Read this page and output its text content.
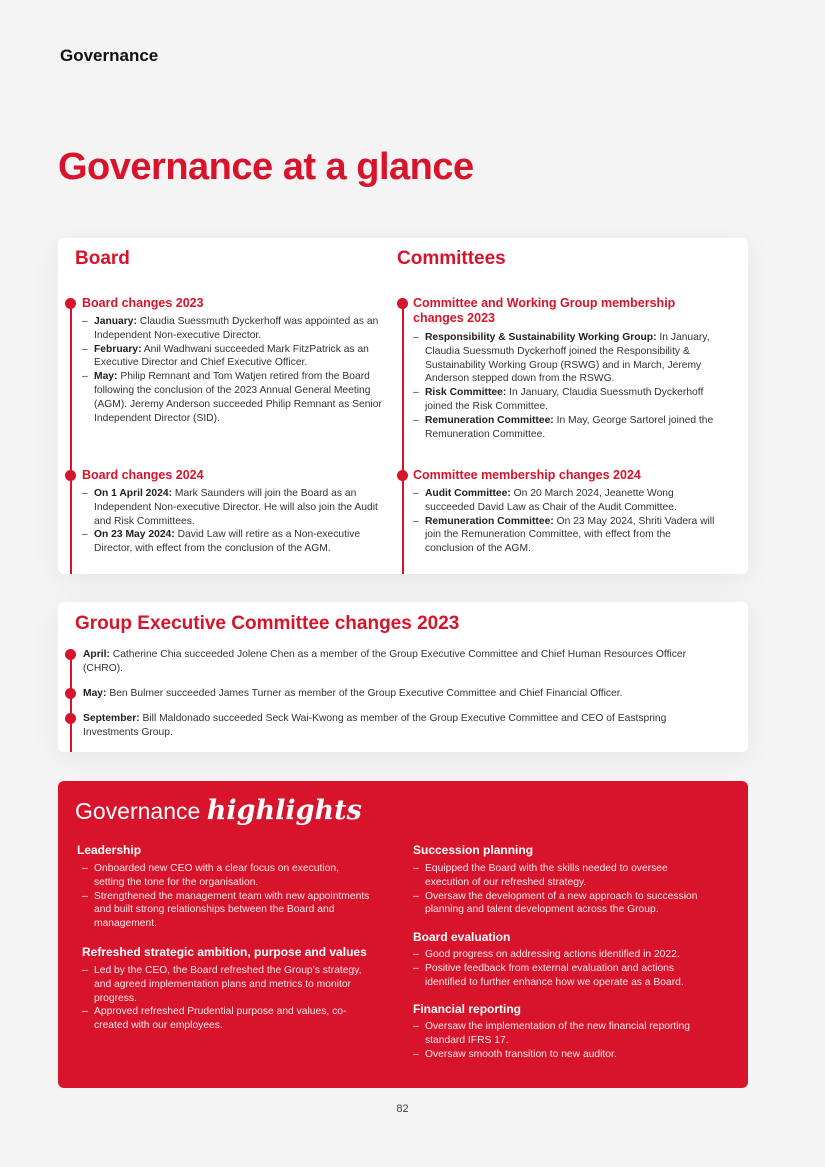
Governance
Governance at a glance
Board	Committees
Board changes 2023
– January: Claudia Suessmuth Dyckerhoff was appointed as an Independent Non-executive Director.
– February: Anil Wadhwani succeeded Mark FitzPatrick as an Executive Director and Chief Executive Officer.
– May: Philip Remnant and Tom Watjen retired from the Board following the conclusion of the 2023 Annual General Meeting (AGM). Jeremy Anderson succeeded Philip Remnant as Senior Independent Director (SID).
Board changes 2024
– On 1 April 2024: Mark Saunders will join the Board as an Independent Non-executive Director. He will also join the Audit and Risk Committees.
– On 23 May 2024: David Law will retire as a Non-executive Director, with effect from the conclusion of the AGM.
Committee and Working Group membership changes 2023
– Responsibility & Sustainability Working Group: In January, Claudia Suessmuth Dyckerhoff joined the Responsibility & Sustainability Working Group (RSWG) and in March, Jeremy Anderson stepped down from the RSWG.
– Risk Committee: In January, Claudia Suessmuth Dyckerhoff joined the Risk Committee.
– Remuneration Committee: In May, George Sartorel joined the Remuneration Committee.
Committee membership changes 2024
– Audit Committee: On 20 March 2024, Jeanette Wong succeeded David Law as Chair of the Audit Committee.
– Remuneration Committee: On 23 May 2024, Shriti Vadera will join the Remuneration Committee, with effect from the conclusion of the AGM.
Group Executive Committee changes 2023
April: Catherine Chia succeeded Jolene Chen as a member of the Group Executive Committee and Chief Human Resources Officer (CHRO).
May: Ben Bulmer succeeded James Turner as member of the Group Executive Committee and Chief Financial Officer.
September: Bill Maldonado succeeded Seck Wai-Kwong as member of the Group Executive Committee and CEO of Eastspring Investments Group.
Governance highlights
Leadership
– Onboarded new CEO with a clear focus on execution, setting the tone for the organisation.
– Strengthened the management team with new appointments and built strong relationships between the Board and management.
Refreshed strategic ambition, purpose and values
– Led by the CEO, the Board refreshed the Group’s strategy, and agreed implementation plans and metrics to monitor progress.
– Approved refreshed Prudential purpose and values, co-created with our employees.
Succession planning
– Equipped the Board with the skills needed to oversee execution of our refreshed strategy.
– Oversaw the development of a new approach to succession planning and talent development across the Group.
Board evaluation
– Good progress on addressing actions identified in 2022.
– Positive feedback from external evaluation and actions identified to further enhance how we operate as a Board.
Financial reporting
– Oversaw the implementation of the new financial reporting standard IFRS 17.
– Oversaw smooth transition to new auditor.
82
